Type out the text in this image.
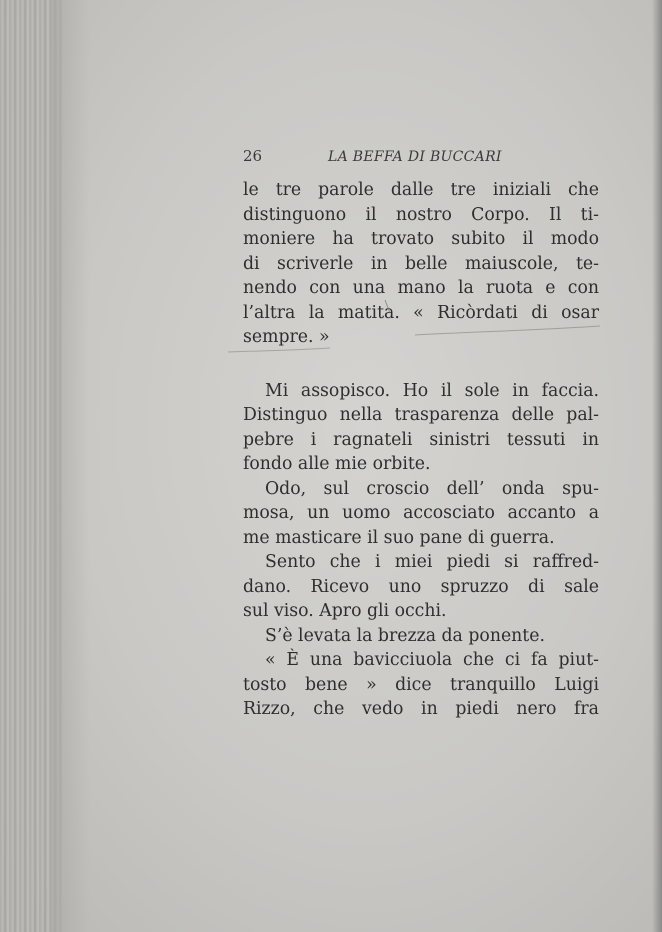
26	LA BEFFA DI BUCCARI
le tre parole dalle tre iniziali che
distinguono il nostro Corpo. Il ti-
moniere ha trovato subito il modo
di scriverle in belle maiuscole, te-
nendo con una mano la ruota e con
l’altra la matita. « Ricòrdati di osar
sempre. »
Mi assopisco. Ho il sole in faccia.
Distinguo nella trasparenza delle pal-
pebre i ragnateli sinistri tessuti in
fondo alle mie orbite.
Odo, sul croscio dell’ onda spu-
mosa, un uomo accosciato accanto a
me masticare il suo pane di guerra.
Sento che i miei piedi si raffred-
dano. Ricevo uno spruzzo di sale
sul viso. Apro gli occhi.
S’è levata la brezza da ponente.
« È una bavicciuola che ci fa piut-
tosto bene » dice tranquillo Luigi
Rizzo, che vedo in piedi nero fra
